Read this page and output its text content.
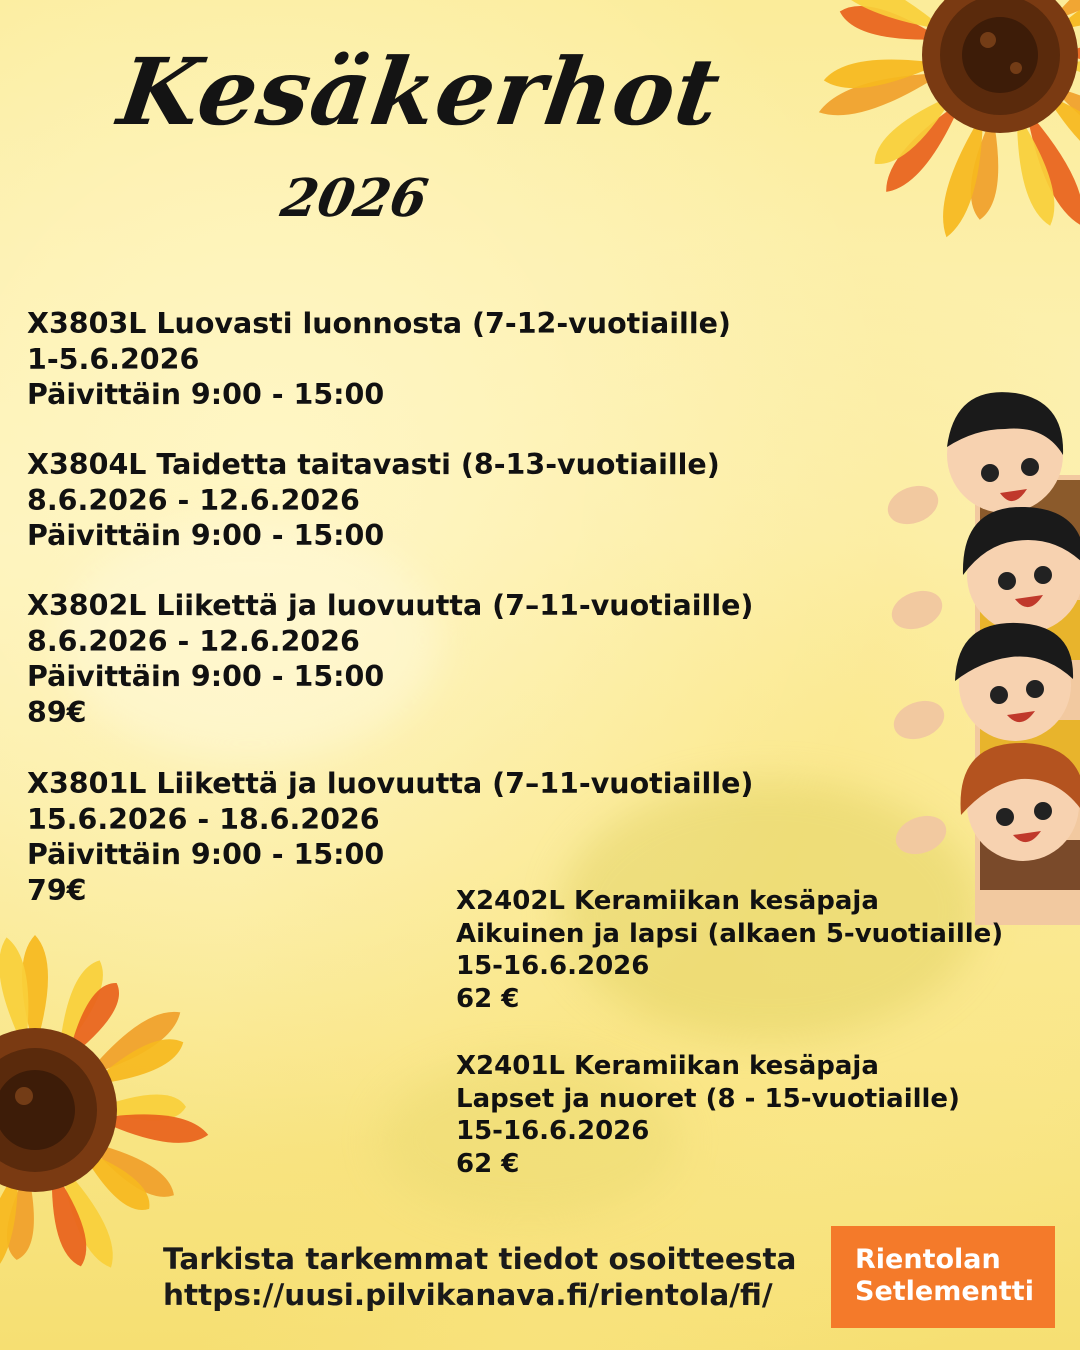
Kesäkerhot
2026
X3803L Luovasti luonnosta (7-12-vuotiaille)
1-5.6.2026
Päivittäin 9:00 - 15:00
X3804L Taidetta taitavasti (8-13-vuotiaille)
8.6.2026 - 12.6.2026
Päivittäin 9:00 - 15:00
X3802L Liikettä ja luovuutta (7–11-vuotiaille)
8.6.2026 - 12.6.2026
Päivittäin 9:00 - 15:00
89€
X3801L Liikettä ja luovuutta (7–11-vuotiaille)
15.6.2026 - 18.6.2026
Päivittäin 9:00 - 15:00
79€	X2402L Keramiikan kesäpaja
Aikuinen ja lapsi (alkaen 5-vuotiaille)
15-16.6.2026
62 €
X2401L Keramiikan kesäpaja
Lapset ja nuoret (8 - 15-vuotiaille)
15-16.6.2026
62 €
Tarkista tarkemmat tiedot osoitteesta
https://uusi.pilvikanava.fi/rientola/fi/
Rientolan
Setlementti
